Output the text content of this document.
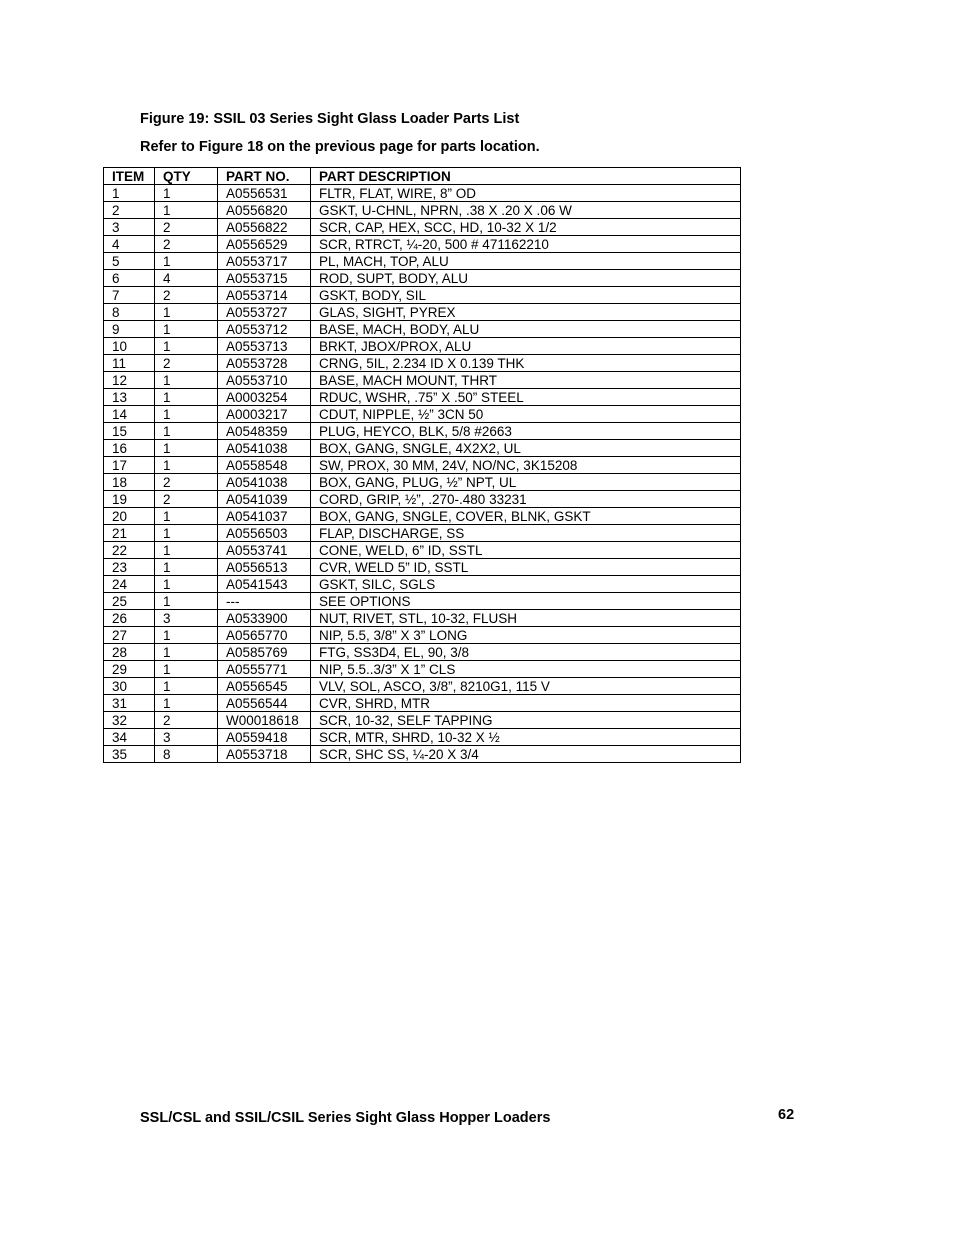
Figure 19: SSIL 03 Series Sight Glass Loader Parts List

Refer to Figure 18 on the previous page for parts location.

ITEM	QTY	PART NO.	PART DESCRIPTION
1	1	A0556531	FLTR, FLAT, WIRE, 8” OD
2	1	A0556820	GSKT, U-CHNL, NPRN, .38 X .20 X .06 W
3	2	A0556822	SCR, CAP, HEX, SCC, HD, 10-32 X 1/2
4	2	A0556529	SCR, RTRCT, ¼-20, 500 # 471162210
5	1	A0553717	PL, MACH, TOP, ALU
6	4	A0553715	ROD, SUPT, BODY, ALU
7	2	A0553714	GSKT, BODY, SIL
8	1	A0553727	GLAS, SIGHT, PYREX
9	1	A0553712	BASE, MACH, BODY, ALU
10	1	A0553713	BRKT, JBOX/PROX, ALU
11	2	A0553728	CRNG, 5IL, 2.234 ID X 0.139 THK
12	1	A0553710	BASE, MACH MOUNT, THRT
13	1	A0003254	RDUC, WSHR, .75” X .50” STEEL
14	1	A0003217	CDUT, NIPPLE, ½” 3CN 50
15	1	A0548359	PLUG, HEYCO, BLK, 5/8 #2663
16	1	A0541038	BOX, GANG, SNGLE, 4X2X2, UL
17	1	A0558548	SW, PROX, 30 MM, 24V, NO/NC, 3K15208
18	2	A0541038	BOX, GANG, PLUG, ½” NPT, UL
19	2	A0541039	CORD, GRIP, ½”, .270-.480 33231
20	1	A0541037	BOX, GANG, SNGLE, COVER, BLNK, GSKT
21	1	A0556503	FLAP, DISCHARGE, SS
22	1	A0553741	CONE, WELD, 6” ID, SSTL
23	1	A0556513	CVR, WELD 5” ID, SSTL
24	1	A0541543	GSKT, SILC, SGLS
25	1	---	SEE OPTIONS
26	3	A0533900	NUT, RIVET, STL, 10-32, FLUSH
27	1	A0565770	NIP, 5.5, 3/8” X 3” LONG
28	1	A0585769	FTG, SS3D4, EL, 90, 3/8
29	1	A0555771	NIP, 5.5..3/3” X 1” CLS
30	1	A0556545	VLV, SOL, ASCO, 3/8”, 8210G1, 115 V
31	1	A0556544	CVR, SHRD, MTR
32	2	W00018618	SCR, 10-32, SELF TAPPING
34	3	A0559418	SCR, MTR, SHRD, 10-32 X ½
35	8	A0553718	SCR, SHC SS, ¼-20 X 3/4
SSL/CSL and SSIL/CSIL Series Sight Glass Hopper Loaders	62
